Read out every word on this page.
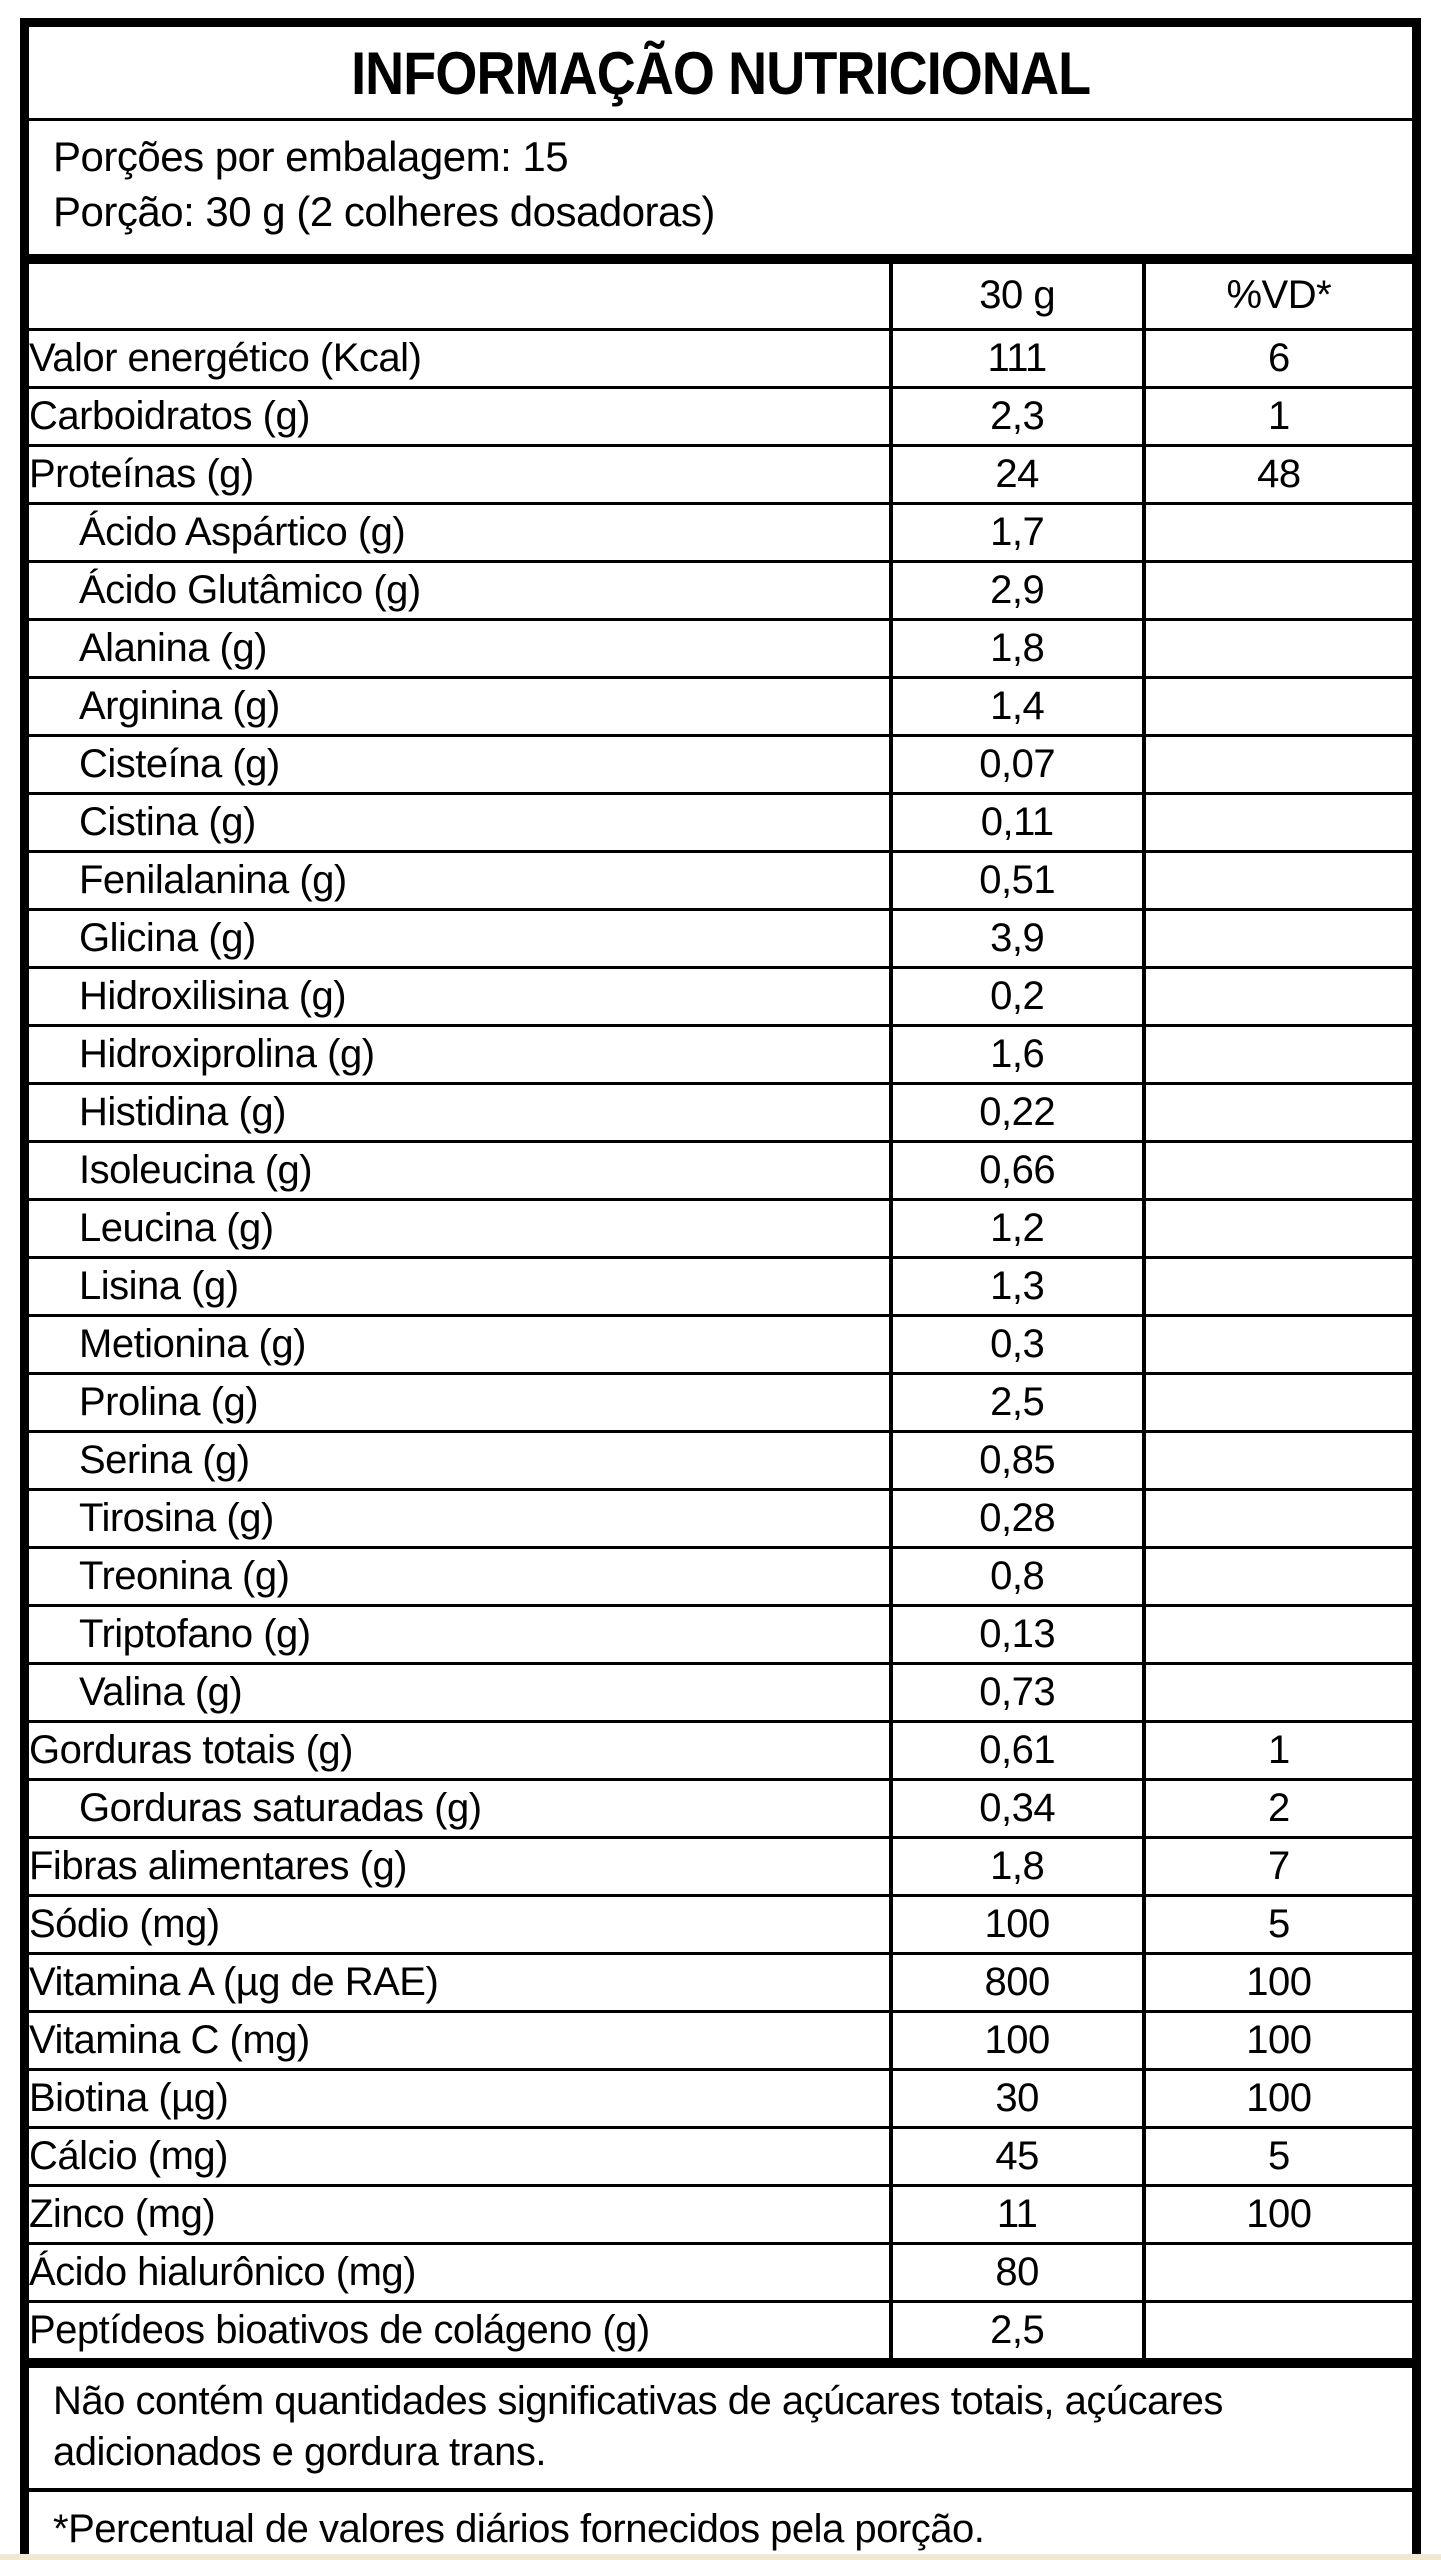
INFORMAÇÃO NUTRICIONAL

Porções por embalagem: 15

Porção: 30 g (2 colheres dosadoras)

	30 g	%VD*
Valor energético (Kcal)	111	6
Carboidratos (g)	2,3	1
Proteínas (g)	24	48
Ácido Aspártico (g)	1,7	
Ácido Glutâmico (g)	2,9	
Alanina (g)	1,8	
Arginina (g)	1,4	
Cisteína (g)	0,07	
Cistina (g)	0,11	
Fenilalanina (g)	0,51	
Glicina (g)	3,9	
Hidroxilisina (g)	0,2	
Hidroxiprolina (g)	1,6	
Histidina (g)	0,22	
Isoleucina (g)	0,66	
Leucina (g)	1,2	
Lisina (g)	1,3	
Metionina (g)	0,3	
Prolina (g)	2,5	
Serina (g)	0,85	
Tirosina (g)	0,28	
Treonina (g)	0,8	
Triptofano (g)	0,13	
Valina (g)	0,73	
Gorduras totais (g)	0,61	1
Gorduras saturadas (g)	0,34	2
Fibras alimentares (g)	1,8	7
Sódio (mg)	100	5
Vitamina A (µg de RAE)	800	100
Vitamina C (mg)	100	100
Biotina (µg)	30	100
Cálcio (mg)	45	5
Zinco (mg)	11	100
Ácido hialurônico (mg)	80	
Peptídeos bioativos de colágeno (g)	2,5	
Não contém quantidades significativas de açúcares totais, açúcares adicionados e gordura trans.
*Percentual de valores diários fornecidos pela porção.
